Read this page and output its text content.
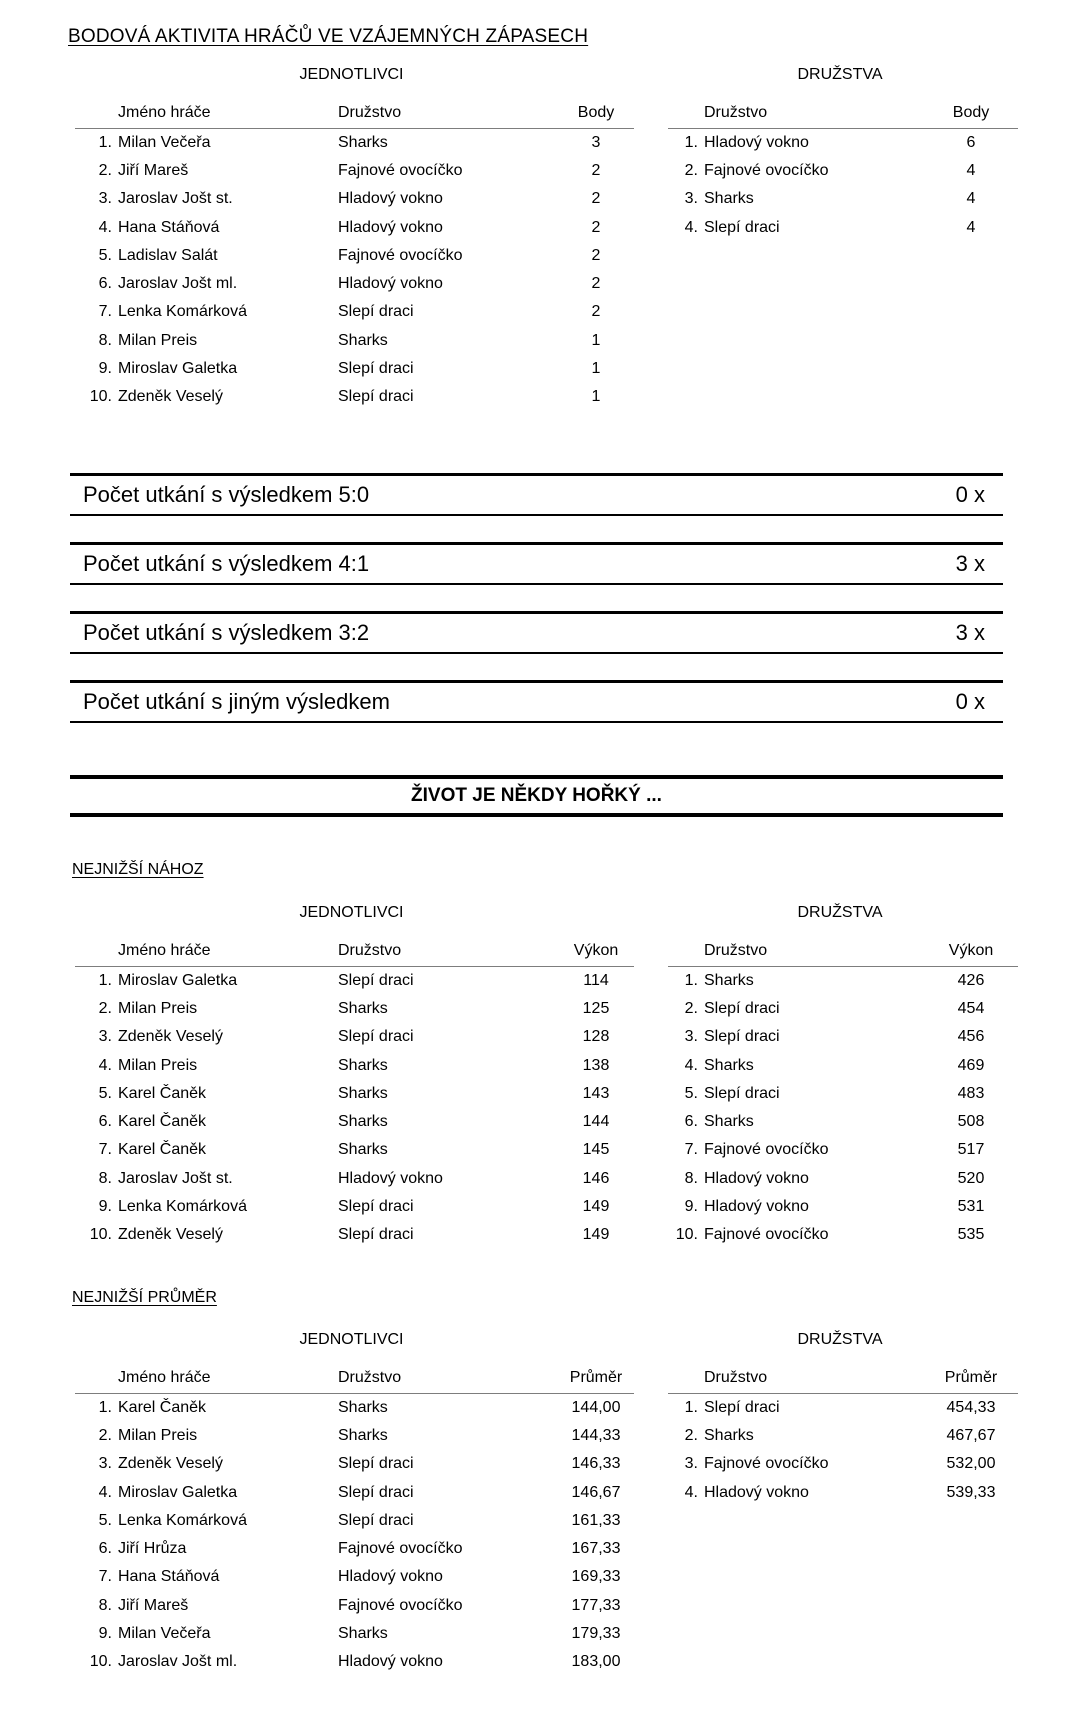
BODOVÁ AKTIVITA HRÁČŮ VE VZÁJEMNÝCH ZÁPASECH
JEDNOTLIVCI
	Jméno hráče	Družstvo	Body
1.	Milan Večeřa	Sharks	3
2.	Jiří Mareš	Fajnové ovocíčko	2
3.	Jaroslav Jošt st.	Hladový vokno	2
4.	Hana Stáňová	Hladový vokno	2
5.	Ladislav Salát	Fajnové ovocíčko	2
6.	Jaroslav Jošt ml.	Hladový vokno	2
7.	Lenka Komárková	Slepí draci	2
8.	Milan Preis	Sharks	1
9.	Miroslav Galetka	Slepí draci	1
10.	Zdeněk Veselý	Slepí draci	1
DRUŽSTVA
	Družstvo	Body
1.	Hladový vokno	6
2.	Fajnové ovocíčko	4
3.	Sharks	4
4.	Slepí draci	4
Počet utkání s výsledkem 5:0	0 x
Počet utkání s výsledkem 4:1	3 x
Počet utkání s výsledkem 3:2	3 x
Počet utkání s jiným výsledkem	0 x
ŽIVOT JE NĚKDY HOŘKÝ ...
NEJNIŽŠÍ NÁHOZ
JEDNOTLIVCI
	Jméno hráče	Družstvo	Výkon
1.	Miroslav Galetka	Slepí draci	114
2.	Milan Preis	Sharks	125
3.	Zdeněk Veselý	Slepí draci	128
4.	Milan Preis	Sharks	138
5.	Karel Čaněk	Sharks	143
6.	Karel Čaněk	Sharks	144
7.	Karel Čaněk	Sharks	145
8.	Jaroslav Jošt st.	Hladový vokno	146
9.	Lenka Komárková	Slepí draci	149
10.	Zdeněk Veselý	Slepí draci	149
DRUŽSTVA
	Družstvo	Výkon
1.	Sharks	426
2.	Slepí draci	454
3.	Slepí draci	456
4.	Sharks	469
5.	Slepí draci	483
6.	Sharks	508
7.	Fajnové ovocíčko	517
8.	Hladový vokno	520
9.	Hladový vokno	531
10.	Fajnové ovocíčko	535
NEJNIŽŠÍ PRŮMĚR
JEDNOTLIVCI
	Jméno hráče	Družstvo	Průměr
1.	Karel Čaněk	Sharks	144,00
2.	Milan Preis	Sharks	144,33
3.	Zdeněk Veselý	Slepí draci	146,33
4.	Miroslav Galetka	Slepí draci	146,67
5.	Lenka Komárková	Slepí draci	161,33
6.	Jiří Hrůza	Fajnové ovocíčko	167,33
7.	Hana Stáňová	Hladový vokno	169,33
8.	Jiří Mareš	Fajnové ovocíčko	177,33
9.	Milan Večeřa	Sharks	179,33
10.	Jaroslav Jošt ml.	Hladový vokno	183,00
DRUŽSTVA
	Družstvo	Průměr
1.	Slepí draci	454,33
2.	Sharks	467,67
3.	Fajnové ovocíčko	532,00
4.	Hladový vokno	539,33
